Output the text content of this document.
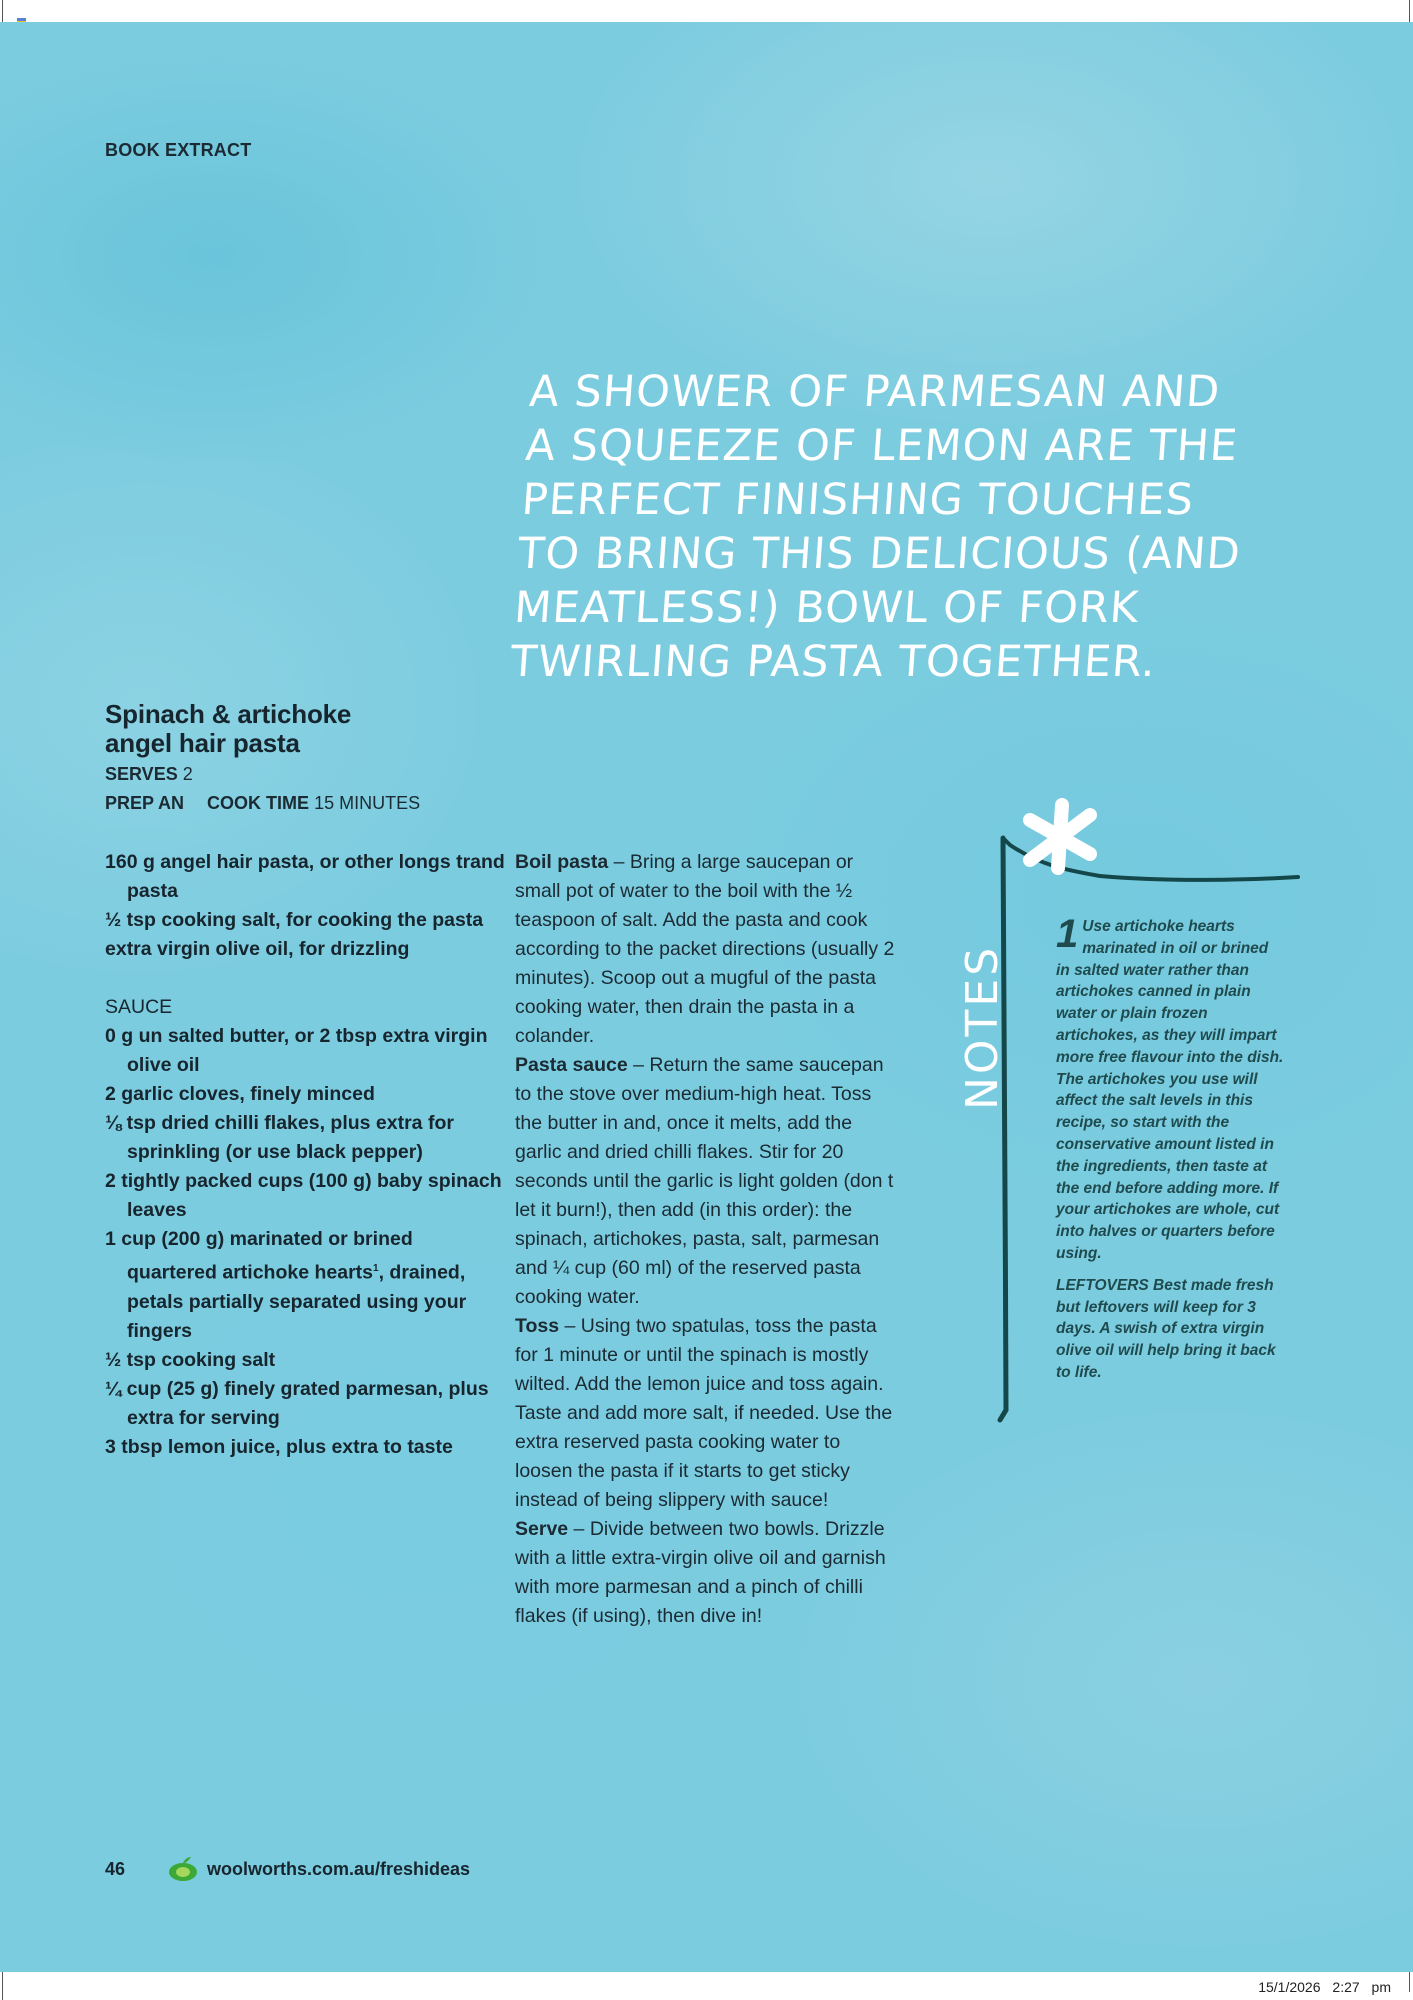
BOOK EXTRACT
A SHOWER OF PARMESAN AND
A SQUEEZE OF LEMON ARE THE
PERFECT FINISHING TOUCHES
TO BRING THIS DELICIOUS (AND
MEATLESS!) BOWL OF FORK
TWIRLING PASTA TOGETHER.
Spinach & artichoke
angel hair pasta
SERVES 2
PREP AN COOK TIME 15 MINUTES
160 g angel hair pasta, or other longs trand pasta
½ tsp cooking salt, for cooking the pasta
extra virgin olive oil, for drizzling
SAUCE
0 g un salted butter, or 2 tbsp extra virgin olive oil
2 garlic cloves, finely minced
⅛ tsp dried chilli flakes, plus extra for sprinkling (or use black pepper)
2 tightly packed cups (100 g) baby spinach leaves
1 cup (200 g) marinated or brined quartered artichoke hearts$^1$, drained, petals partially separated using your fingers
½ tsp cooking salt
¼ cup (25 g) finely grated parmesan, plus extra for serving
3 tbsp lemon juice, plus extra to taste
Boil pasta – Bring a large saucepan or small pot of water to the boil with the ½ teaspoon of salt. Add the pasta and cook according to the packet directions (usually 2 minutes). Scoop out a mugful of the pasta cooking water, then drain the pasta in a colander.
Pasta sauce – Return the same saucepan to the stove over medium-high heat. Toss the butter in and, once it melts, add the garlic and dried chilli flakes. Stir for 20 seconds until the garlic is light golden (don t let it burn!), then add (in this order): the spinach, artichokes, pasta, salt, parmesan and ¼ cup (60 ml) of the reserved pasta cooking water.
Toss – Using two spatulas, toss the pasta for 1 minute or until the spinach is mostly wilted. Add the lemon juice and toss again. Taste and add more salt, if needed. Use the extra reserved pasta cooking water to loosen the pasta if it starts to get sticky instead of being slippery with sauce!
Serve – Divide between two bowls. Drizzle with a little extra-virgin olive oil and garnish with more parmesan and a pinch of chilli flakes (if using), then dive in!
NOTES

1 Use artichoke hearts marinated in oil or brined in salted water rather than artichokes canned in plain water or plain frozen artichokes, as they will impart more free flavour into the dish. The artichokes you use will affect the salt levels in this recipe, so start with the conservative amount listed in the ingredients, then taste at the end before adding more. If your artichokes are whole, cut into halves or quarters before using.

LEFTOVERS Best made fresh but leftovers will keep for 3 days. A swish of extra virgin olive oil will help bring it back to life.

46	woolworths.com.au/freshideas
15/1/2026 2:27 pm
